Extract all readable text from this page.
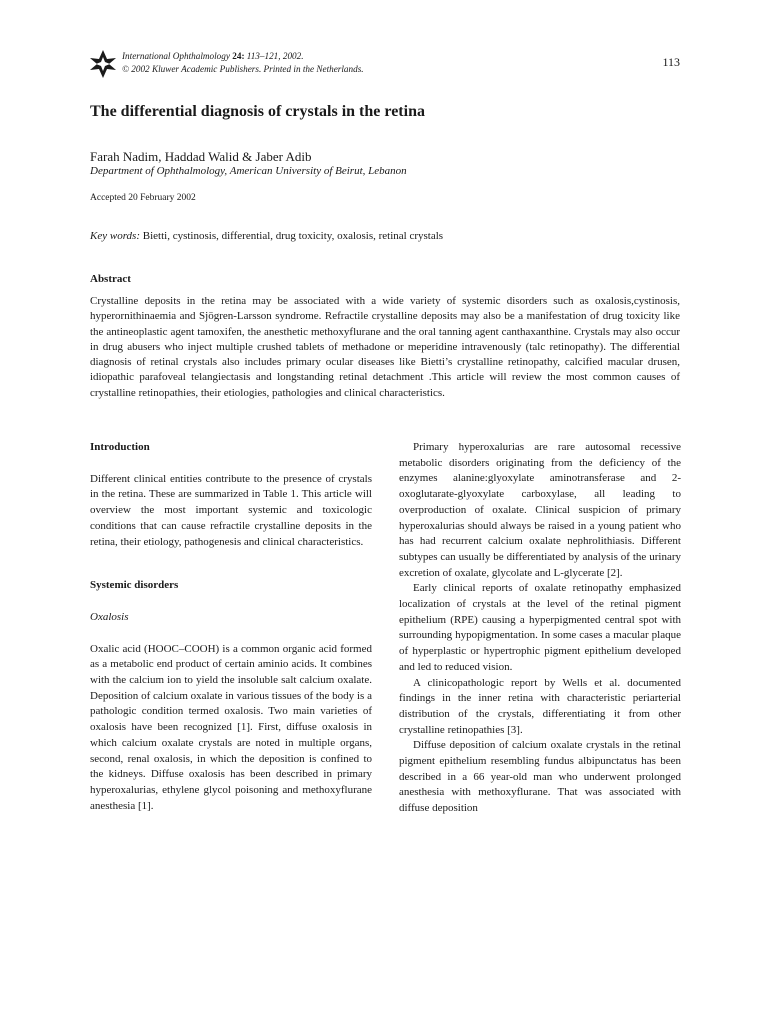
International Ophthalmology 24: 113–121, 2002.
© 2002 Kluwer Academic Publishers. Printed in the Netherlands.	113
The differential diagnosis of crystals in the retina
Farah Nadim, Haddad Walid & Jaber Adib
Department of Ophthalmology, American University of Beirut, Lebanon
Accepted 20 February 2002
Key words: Bietti, cystinosis, differential, drug toxicity, oxalosis, retinal crystals
Abstract

Crystalline deposits in the retina may be associated with a wide variety of systemic disorders such as oxalosis,cystinosis, hyperornithinaemia and Sjögren-Larsson syndrome. Refractile crystalline deposits may also be a manifestation of drug toxicity like the antineoplastic agent tamoxifen, the anesthetic methoxyflurane and the oral tanning agent canthaxanthine. Crystals may also occur in drug abusers who inject multiple crushed tablets of methadone or meperidine intravenously (talc retinopathy). The differential diagnosis of retinal crystals also includes primary ocular diseases like Bietti’s crystalline retinopathy, calcified macular drusen, idiopathic parafoveal telangiectasis and longstanding retinal detachment .This article will review the most common causes of crystalline retinopathies, their etiologies, pathologies and clinical characteristics.

Introduction

Different clinical entities contribute to the presence of crystals in the retina. These are summarized in Table 1. This article will overview the most important systemic and toxicologic conditions that can cause refractile crystalline deposits in the retina, their etiology, pathogenesis and clinical characteristics.

Systemic disorders

Oxalosis

Oxalic acid (HOOC–COOH) is a common organic acid formed as a metabolic end product of certain aminio acids. It combines with the calcium ion to yield the insoluble salt calcium oxalate. Deposition of calcium oxalate in various tissues of the body is a pathologic condition termed oxalosis. Two main varieties of oxalosis have been recognized [1]. First, diffuse oxalosis in which calcium oxalate crystals are noted in multiple organs, second, renal oxalosis, in which the deposition is confined to the kidneys. Diffuse oxalosis has been described in primary hyperoxalurias, ethylene glycol poisoning and methoxyflurane anesthesia [1].

Primary hyperoxalurias are rare autosomal recessive metabolic disorders originating from the deficiency of the enzymes alanine:glyoxylate aminotransferase and 2-oxoglutarate-glyoxylate carboxylase, all leading to overproduction of oxalate. Clinical suspicion of primary hyperoxalurias should always be raised in a young patient who has had recurrent calcium oxalate nephrolithiasis. Different subtypes can usually be differentiated by analysis of the urinary excretion of oxalate, glycolate and L-glycerate [2].

Early clinical reports of oxalate retinopathy emphasized localization of crystals at the level of the retinal pigment epithelium (RPE) causing a hyperpigmented central spot with surrounding hypopigmentation. In some cases a macular plaque of hyperplastic or hypertrophic pigment epithelium developed and led to reduced vision.

A clinicopathologic report by Wells et al. documented findings in the inner retina with characteristic periarterial distribution of the crystals, differentiating it from other crystalline retinopathies [3].

Diffuse deposition of calcium oxalate crystals in the retinal pigment epithelium resembling fundus albipunctatus has been described in a 66 year-old man who underwent prolonged anesthesia with methoxyflurane. That was associated with diffuse deposition
